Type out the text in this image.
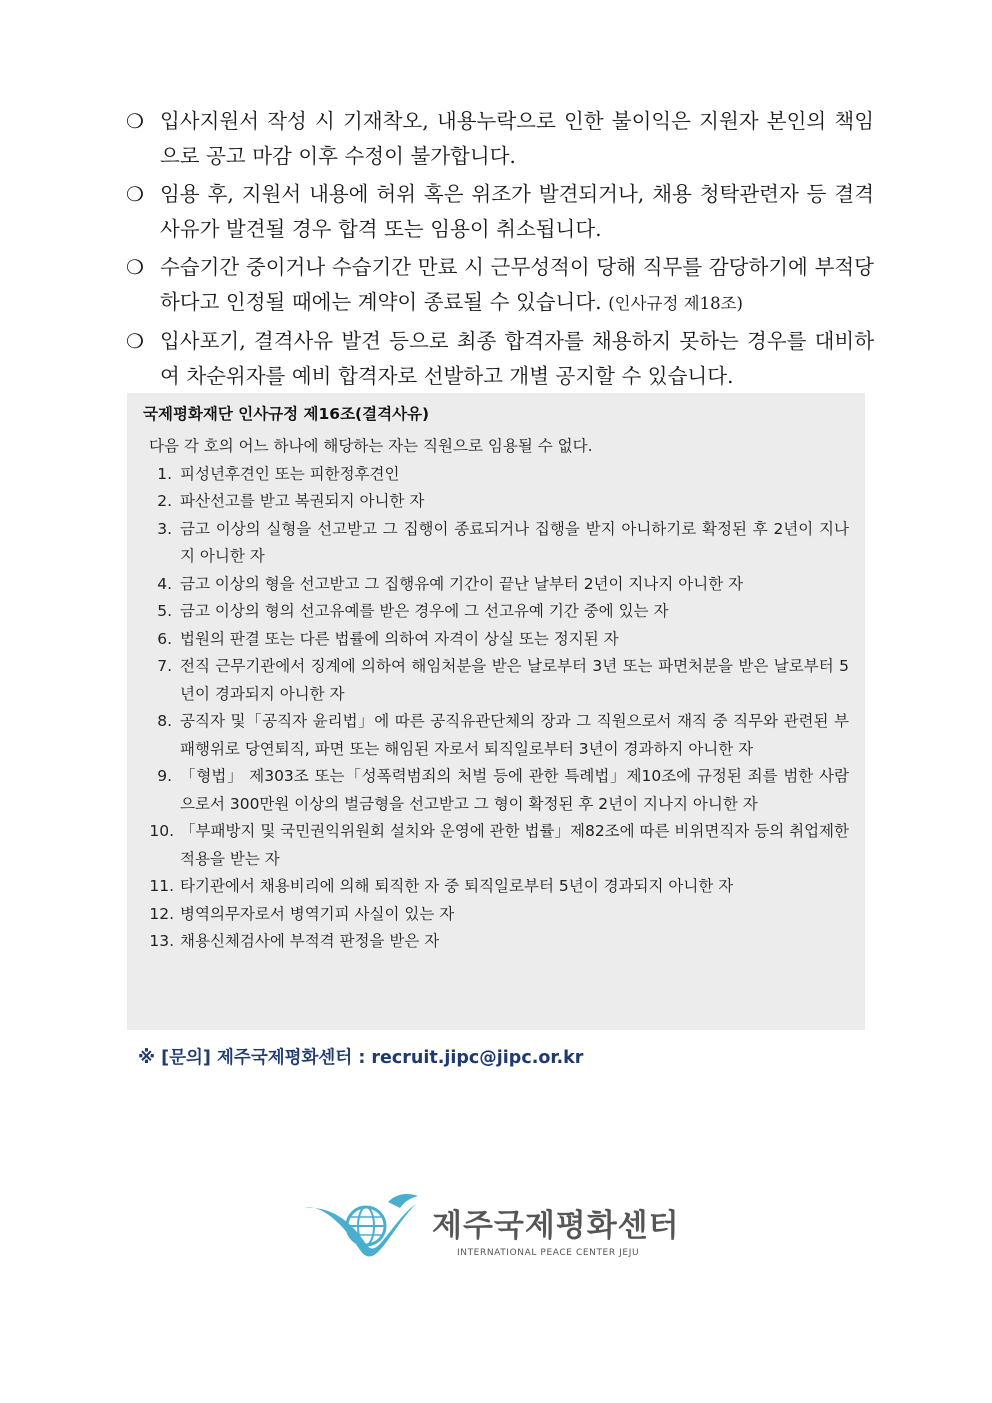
❍ 입사지원서 작성 시 기재착오, 내용누락으로 인한 불이익은 지원자 본인의 책임으로 공고 마감 이후 수정이 불가합니다.

❍ 임용 후, 지원서 내용에 허위 혹은 위조가 발견되거나, 채용 청탁관련자 등 결격사유가 발견될 경우 합격 또는 임용이 취소됩니다.

❍ 수습기간 중이거나 수습기간 만료 시 근무성적이 당해 직무를 감당하기에 부적당하다고 인정될 때에는 계약이 종료될 수 있습니다. (인사규정 제18조)

❍ 입사포기, 결격사유 발견 등으로 최종 합격자를 채용하지 못하는 경우를 대비하여 차순위자를 예비 합격자로 선발하고 개별 공지할 수 있습니다.

국제평화재단 인사규정 제16조(결격사유)
다음 각 호의 어느 하나에 해당하는 자는 직원으로 임용될 수 없다.
1. 피성년후견인 또는 피한정후견인
2. 파산선고를 받고 복권되지 아니한 자
3. 금고 이상의 실형을 선고받고 그 집행이 종료되거나 집행을 받지 아니하기로 확정된 후 2년이 지나지 아니한 자
4. 금고 이상의 형을 선고받고 그 집행유예 기간이 끝난 날부터 2년이 지나지 아니한 자
5. 금고 이상의 형의 선고유예를 받은 경우에 그 선고유예 기간 중에 있는 자
6. 법원의 판결 또는 다른 법률에 의하여 자격이 상실 또는 정지된 자
7. 전직 근무기관에서 징계에 의하여 해임처분을 받은 날로부터 3년 또는 파면처분을 받은 날로부터 5년이 경과되지 아니한 자
8. 공직자 및「공직자 윤리법」에 따른 공직유관단체의 장과 그 직원으로서 재직 중 직무와 관련된 부패행위로 당연퇴직, 파면 또는 해임된 자로서 퇴직일로부터 3년이 경과하지 아니한 자
9. 「형법」 제303조 또는「성폭력범죄의 처벌 등에 관한 특례법」제10조에 규정된 죄를 범한 사람으로서 300만원 이상의 벌금형을 선고받고 그 형이 확정된 후 2년이 지나지 아니한 자
10. 「부패방지 및 국민권익위원회 설치와 운영에 관한 법률」제82조에 따른 비위면직자 등의 취업제한 적용을 받는 자
11. 타기관에서 채용비리에 의해 퇴직한 자 중 퇴직일로부터 5년이 경과되지 아니한 자
12. 병역의무자로서 병역기피 사실이 있는 자
13. 채용신체검사에 부적격 판정을 받은 자
※ [문의] 제주국제평화센터 : recruit.jipc@jipc.or.kr
제주국제평화센터
INTERNATIONAL PEACE CENTER JEJU
